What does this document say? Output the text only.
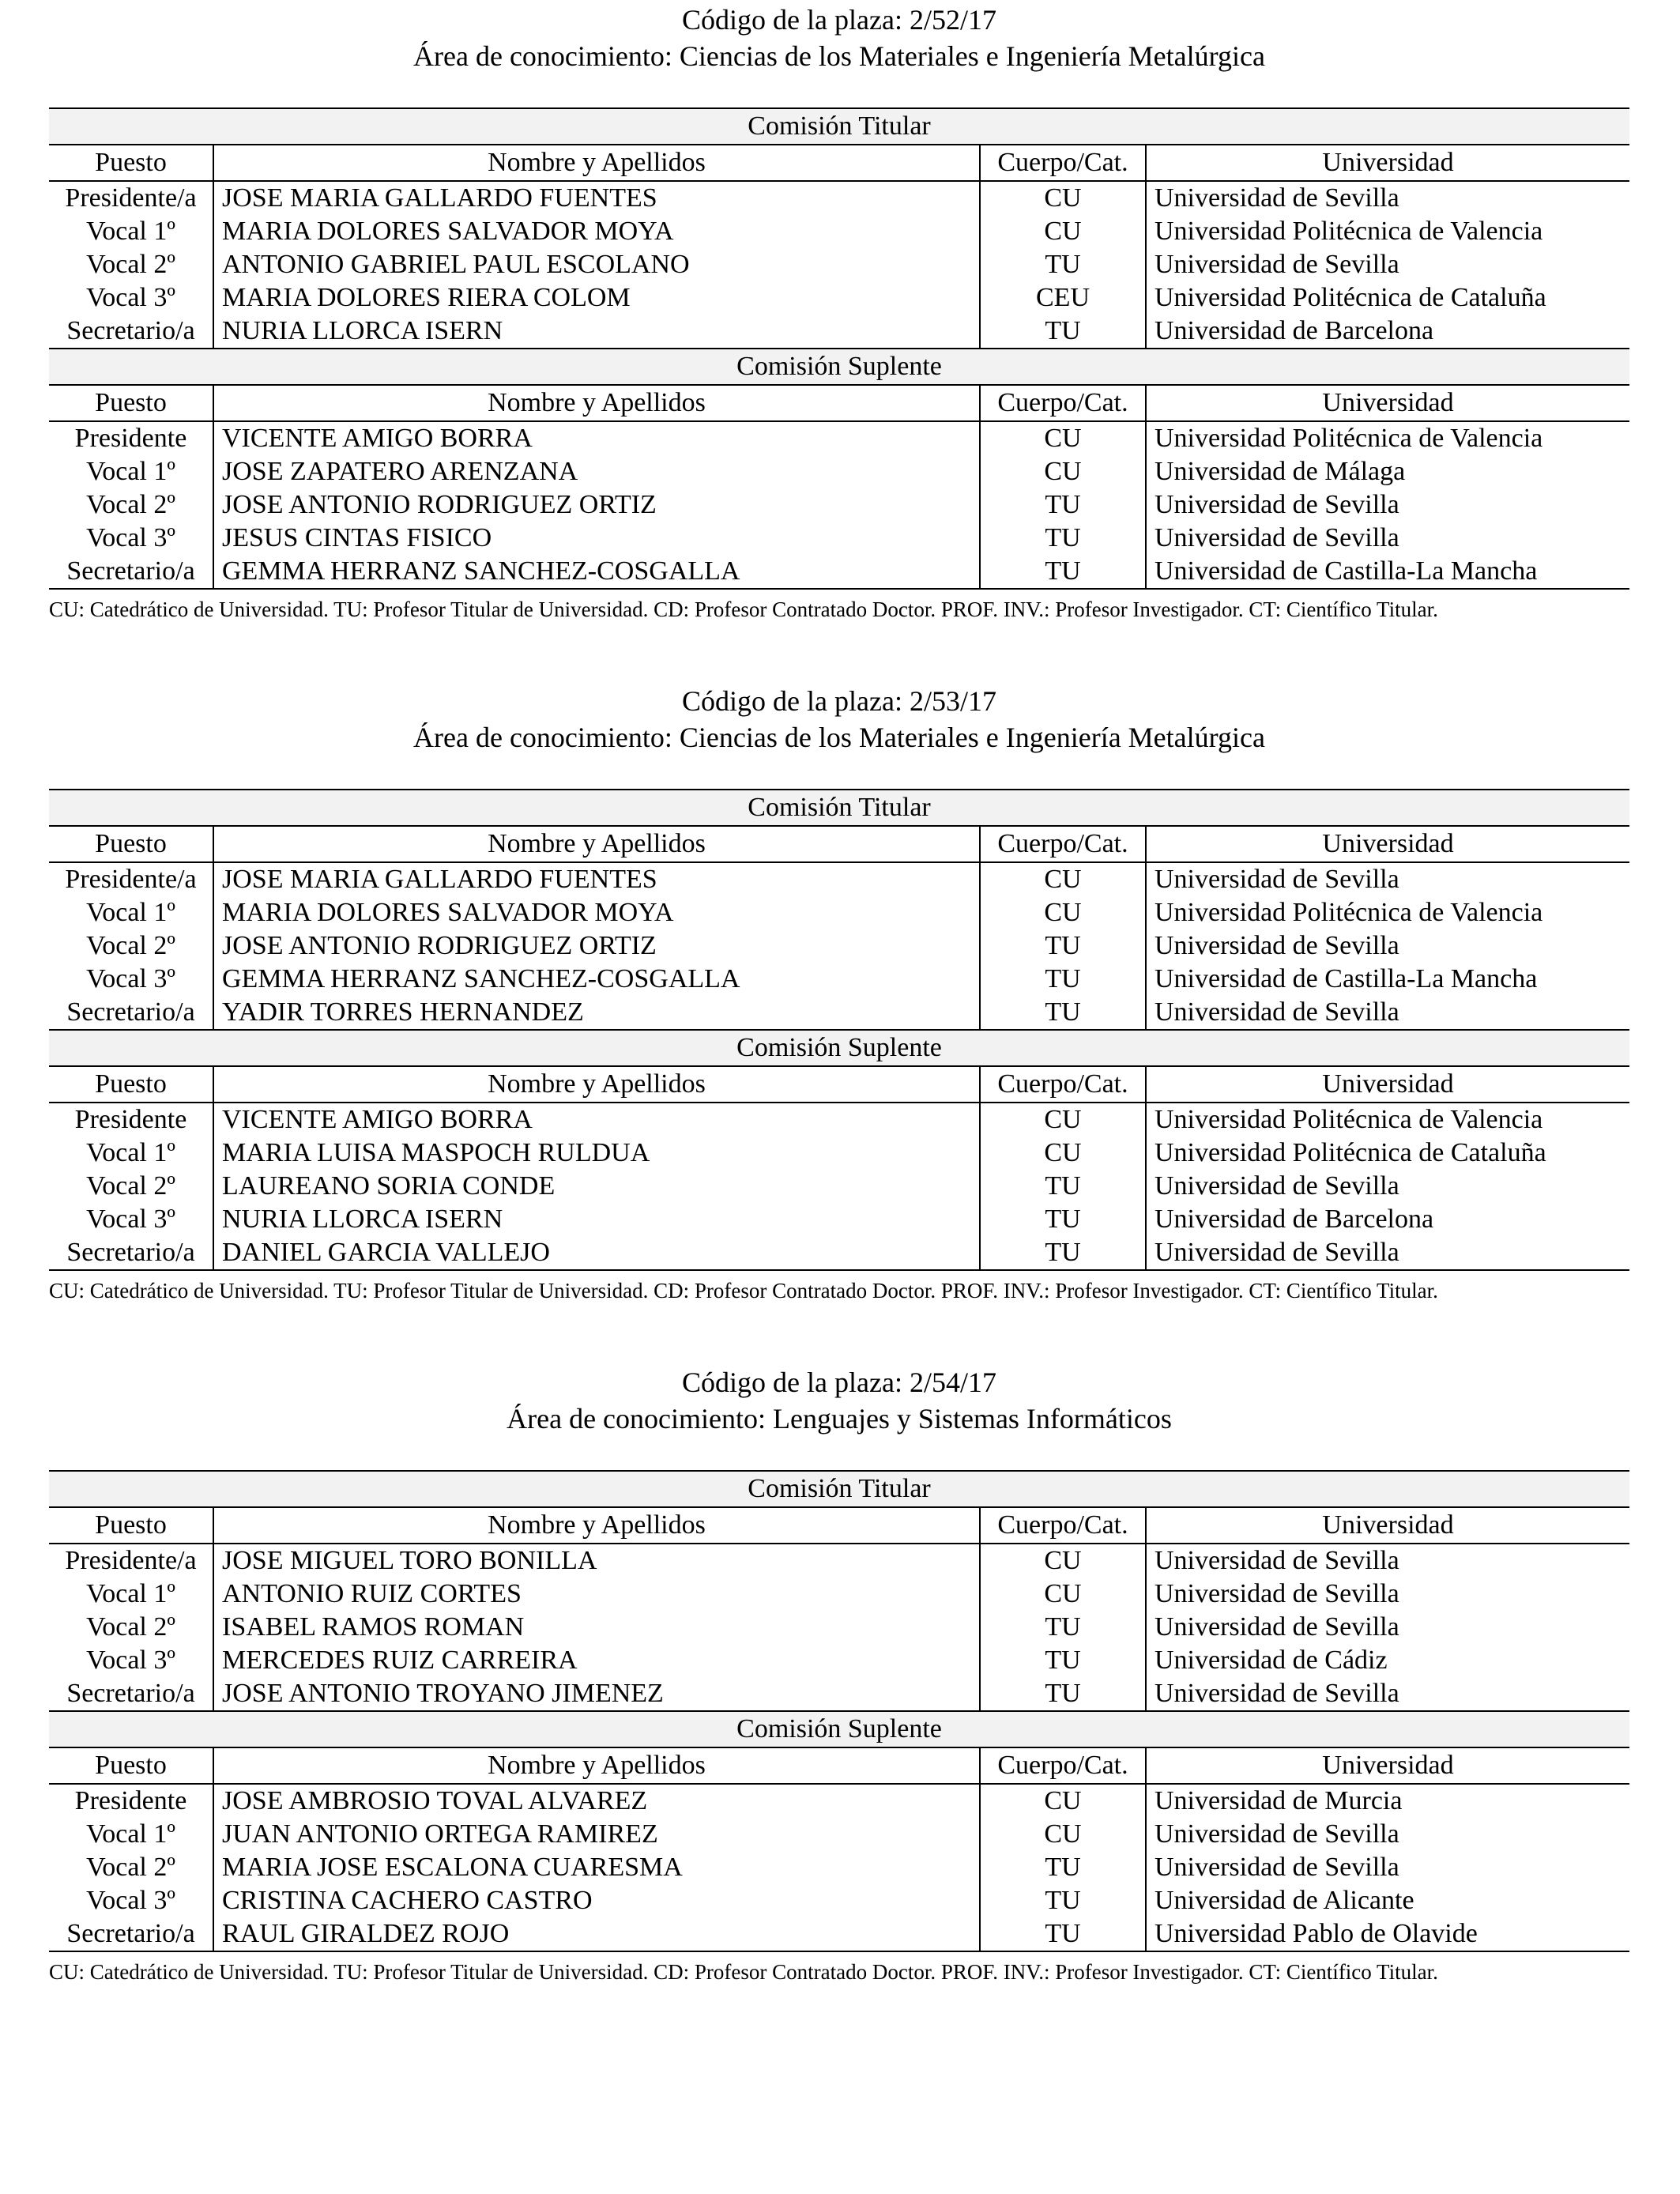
Código de la plaza: 2/52/17
Área de conocimiento: Ciencias de los Materiales e Ingeniería Metalúrgica
Comisión Titular			
Puesto	Nombre y Apellidos	Cuerpo/Cat.	Universidad
Presidente/a	JOSE MARIA GALLARDO FUENTES	CU	Universidad de Sevilla
Vocal 1º	MARIA DOLORES SALVADOR MOYA	CU	Universidad Politécnica de Valencia
Vocal 2º	ANTONIO GABRIEL PAUL ESCOLANO	TU	Universidad de Sevilla
Vocal 3º	MARIA DOLORES RIERA COLOM	CEU	Universidad Politécnica de Cataluña
Secretario/a	NURIA LLORCA ISERN	TU	Universidad de Barcelona
Comisión Suplente			
Puesto	Nombre y Apellidos	Cuerpo/Cat.	Universidad
Presidente	VICENTE AMIGO BORRA	CU	Universidad Politécnica de Valencia
Vocal 1º	JOSE ZAPATERO ARENZANA	CU	Universidad de Málaga
Vocal 2º	JOSE ANTONIO RODRIGUEZ ORTIZ	TU	Universidad de Sevilla
Vocal 3º	JESUS CINTAS FISICO	TU	Universidad de Sevilla
Secretario/a	GEMMA HERRANZ SANCHEZ-COSGALLA	TU	Universidad de Castilla-La Mancha
CU: Catedrático de Universidad. TU: Profesor Titular de Universidad. CD: Profesor Contratado Doctor. PROF. INV.: Profesor Investigador. CT: Científico Titular.
Código de la plaza: 2/53/17
Área de conocimiento: Ciencias de los Materiales e Ingeniería Metalúrgica
Comisión Titular			
Puesto	Nombre y Apellidos	Cuerpo/Cat.	Universidad
Presidente/a	JOSE MARIA GALLARDO FUENTES	CU	Universidad de Sevilla
Vocal 1º	MARIA DOLORES SALVADOR MOYA	CU	Universidad Politécnica de Valencia
Vocal 2º	JOSE ANTONIO RODRIGUEZ ORTIZ	TU	Universidad de Sevilla
Vocal 3º	GEMMA HERRANZ SANCHEZ-COSGALLA	TU	Universidad de Castilla-La Mancha
Secretario/a	YADIR TORRES HERNANDEZ	TU	Universidad de Sevilla
Comisión Suplente			
Puesto	Nombre y Apellidos	Cuerpo/Cat.	Universidad
Presidente	VICENTE AMIGO BORRA	CU	Universidad Politécnica de Valencia
Vocal 1º	MARIA LUISA MASPOCH RULDUA	CU	Universidad Politécnica de Cataluña
Vocal 2º	LAUREANO SORIA CONDE	TU	Universidad de Sevilla
Vocal 3º	NURIA LLORCA ISERN	TU	Universidad de Barcelona
Secretario/a	DANIEL GARCIA VALLEJO	TU	Universidad de Sevilla
CU: Catedrático de Universidad. TU: Profesor Titular de Universidad. CD: Profesor Contratado Doctor. PROF. INV.: Profesor Investigador. CT: Científico Titular.
Código de la plaza: 2/54/17
Área de conocimiento: Lenguajes y Sistemas Informáticos
Comisión Titular			
Puesto	Nombre y Apellidos	Cuerpo/Cat.	Universidad
Presidente/a	JOSE MIGUEL TORO BONILLA	CU	Universidad de Sevilla
Vocal 1º	ANTONIO RUIZ CORTES	CU	Universidad de Sevilla
Vocal 2º	ISABEL RAMOS ROMAN	TU	Universidad de Sevilla
Vocal 3º	MERCEDES RUIZ CARREIRA	TU	Universidad de Cádiz
Secretario/a	JOSE ANTONIO TROYANO JIMENEZ	TU	Universidad de Sevilla
Comisión Suplente			
Puesto	Nombre y Apellidos	Cuerpo/Cat.	Universidad
Presidente	JOSE AMBROSIO TOVAL ALVAREZ	CU	Universidad de Murcia
Vocal 1º	JUAN ANTONIO ORTEGA RAMIREZ	CU	Universidad de Sevilla
Vocal 2º	MARIA JOSE ESCALONA CUARESMA	TU	Universidad de Sevilla
Vocal 3º	CRISTINA CACHERO CASTRO	TU	Universidad de Alicante
Secretario/a	RAUL GIRALDEZ ROJO	TU	Universidad Pablo de Olavide
CU: Catedrático de Universidad. TU: Profesor Titular de Universidad. CD: Profesor Contratado Doctor. PROF. INV.: Profesor Investigador. CT: Científico Titular.
